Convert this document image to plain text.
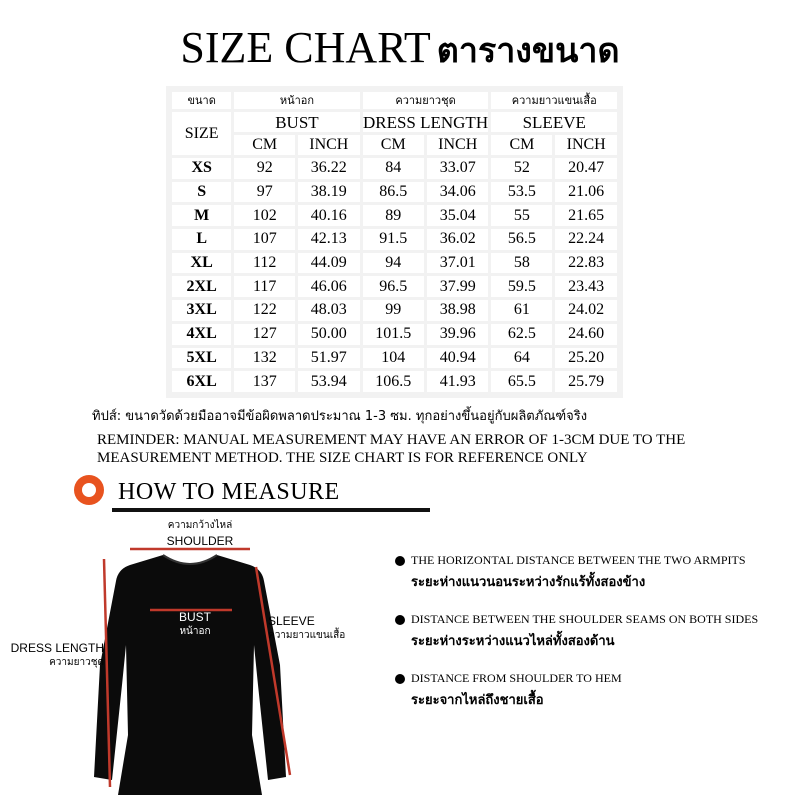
SIZE CHART ตารางขนาด
ขนาด	หน้าอก		ความยาวชุด		ความยาวแขนเสื้อ	
SIZE	BUST		DRESS LENGTH		SLEEVE	
	CM	INCH	CM	INCH	CM	INCH
XS	92	36.22	84	33.07	52	20.47
S	97	38.19	86.5	34.06	53.5	21.06
M	102	40.16	89	35.04	55	21.65
L	107	42.13	91.5	36.02	56.5	22.24
XL	112	44.09	94	37.01	58	22.83
2XL	117	46.06	96.5	37.99	59.5	23.43
3XL	122	48.03	99	38.98	61	24.02
4XL	127	50.00	101.5	39.96	62.5	24.60
5XL	132	51.97	104	40.94	64	25.20
6XL	137	53.94	106.5	41.93	65.5	25.79
ทิปส์: ขนาดวัดด้วยมืออาจมีข้อผิดพลาดประมาณ 1-3 ซม. ทุกอย่างขึ้นอยู่กับผลิตภัณฑ์จริง
REMINDER: MANUAL MEASUREMENT MAY HAVE AN ERROR OF 1-3CM DUE TO THE MEASUREMENT METHOD. THE SIZE CHART IS FOR REFERENCE ONLY
HOW TO MEASURE
ความกว้างไหล่
SHOULDER
BUST
หน้าอก
SLEEVE
ความยาวแขนเสื้อ
DRESS LENGTH
ความยาวชุด
THE HORIZONTAL DISTANCE BETWEEN THE TWO ARMPITS
ระยะห่างแนวนอนระหว่างรักแร้ทั้งสองข้าง
DISTANCE BETWEEN THE SHOULDER SEAMS ON BOTH SIDES
ระยะห่างระหว่างแนวไหล่ทั้งสองด้าน
DISTANCE FROM SHOULDER TO HEM
ระยะจากไหล่ถึงชายเสื้อ
